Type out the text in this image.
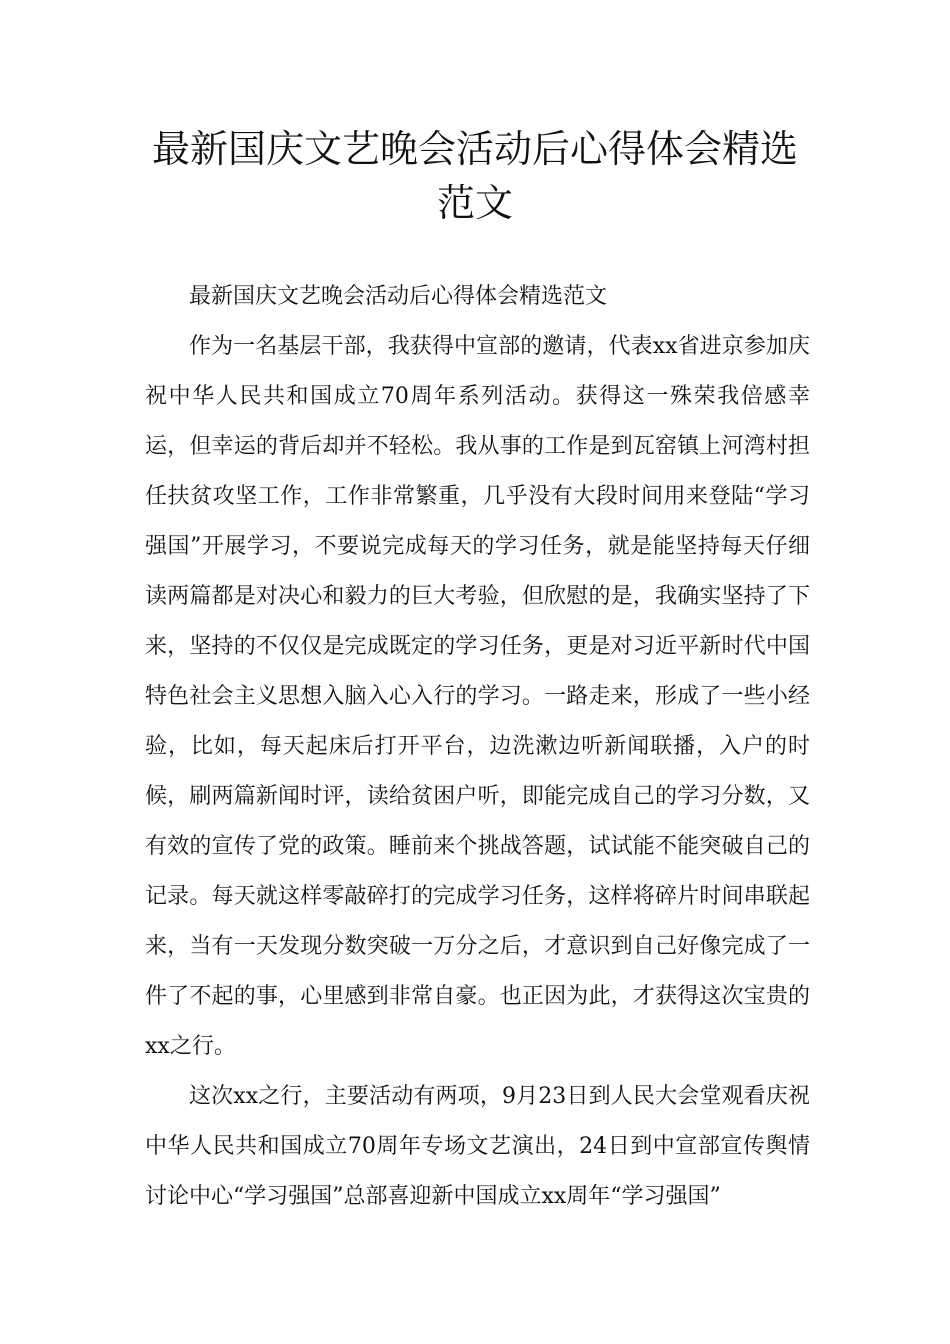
最新国庆文艺晚会活动后心得体会精选
范文

最新国庆文艺晚会活动后心得体会精选范文

作为一名基层干部，我获得中宣部的邀请，代表xx省进京参加庆祝中华人民共和国成立70周年系列活动。获得这一殊荣我倍感幸运，但幸运的背后却并不轻松。我从事的工作是到瓦窑镇上河湾村担任扶贫攻坚工作，工作非常繁重，几乎没有大段时间用来登陆“学习强国”开展学习，不要说完成每天的学习任务，就是能坚持每天仔细读两篇都是对决心和毅力的巨大考验，但欣慰的是，我确实坚持了下来，坚持的不仅仅是完成既定的学习任务，更是对习近平新时代中国特色社会主义思想入脑入心入行的学习。一路走来，形成了一些小经验，比如，每天起床后打开平台，边洗漱边听新闻联播，入户的时候，刷两篇新闻时评，读给贫困户听，即能完成自己的学习分数，又有效的宣传了党的政策。睡前来个挑战答题，试试能不能突破自己的记录。每天就这样零敲碎打的完成学习任务，这样将碎片时间串联起来，当有一天发现分数突破一万分之后，才意识到自己好像完成了一件了不起的事，心里感到非常自豪。也正因为此，才获得这次宝贵的xx之行。

这次xx之行，主要活动有两项，9月23日到人民大会堂观看庆祝中华人民共和国成立70周年专场文艺演出，24日到中宣部宣传舆情讨论中心“学习强国”总部喜迎新中国成立xx周年“学习强国”
